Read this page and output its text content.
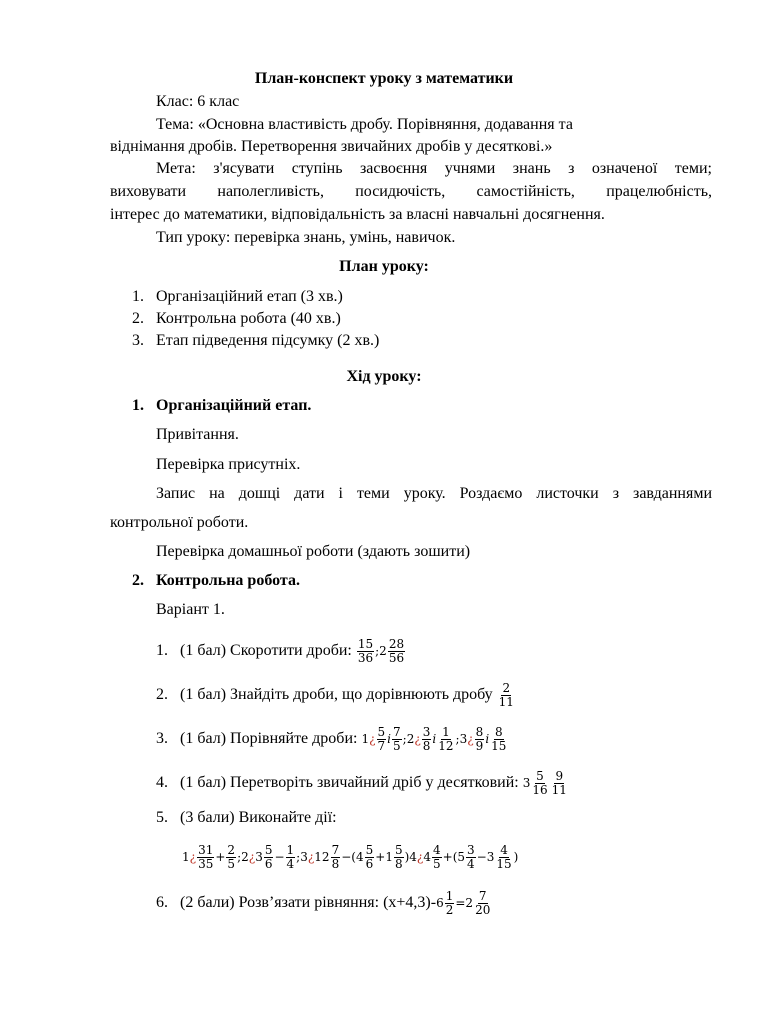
План-конспект уроку з математики
Клас: 6 клас
Тема: «Основна властивість дробу. Порівняння, додавання та
віднімання дробів. Перетворення звичайних дробів у десяткові.»
Мета: з'ясувати ступінь засвоєння учнями знань з означеної теми;
виховувати наполегливість, посидючість, самостійність, працелюбність,
інтерес до математики, відповідальність за власні навчальні досягнення.
Тип уроку: перевірка знань, умінь, навичок.
План уроку:
1. Організаційний етап (3 хв.)
2. Контрольна робота (40 хв.)
3. Етап підведення підсумку (2 хв.)
Хід уроку:
1. Організаційний етап.
Привітання.
Перевірка присутніх.
Запис на дошці дати і теми уроку. Роздаємо листочки з завданнями
контрольної роботи.
Перевірка домашньої роботи (здають зошити)
2. Контрольна робота.
Варіант 1.
1. (1 бал) Скоротити дроби: $\frac{15}{36}$ ;2 $\frac{28}{56}$
2. (1 бал) Знайдіть дроби, що дорівнюють дробу $\frac{2}{11}$
3. (1 бал) Порівняйте дроби: 1¿ $\frac{5}{7}$ і $\frac{7}{5}$ ;2¿ $\frac{3}{8}$ і $\frac{1}{12}$ ;3¿ $\frac{8}{9}$ і $\frac{8}{15}$
4. (1 бал) Перетворіть звичайний дріб у десятковий: $3 \frac{5}{16} \frac{9}{11}$
5. (3 бали) Виконайте дії:
1¿ $\frac{31}{35} + \frac{2}{5}$ ;2¿3 $\frac{5}{6} - \frac{1}{4}$ ;3¿12 $\frac{7}{8} -(4 \frac{5}{6} +1 \frac{5}{8}$ )4¿4 $\frac{4}{5} +(5 \frac{3}{4} -3 \frac{4}{15}$ )
6. (2 бали) Розв’язати рівняння: $(x+4,3)-6 \frac{1}{2} =2 \frac{7}{20}$
